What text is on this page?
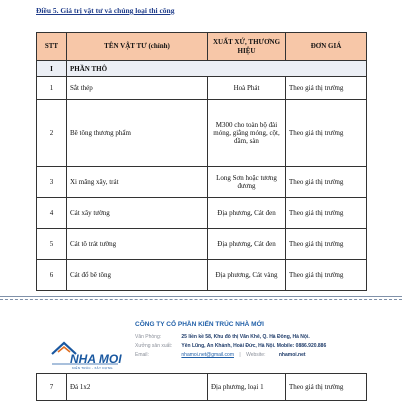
Điều 5. Giá trị vật tư và chủng loại thi công
STT	TÊN VẬT TƯ (chính)	XUẤT XỨ, THƯƠNG HIỆU	ĐƠN GIÁ
I	PHẦN THÔ		
1	Sắt thép	Hoà Phát	Theo giá thị trường
2	Bê tông thương phẩm	M300 cho toàn bộ đài móng, giằng móng, cột, dầm, sàn	Theo giá thị trường
3	Xi măng xây, trát	Long Sơn hoặc tương đương	Theo giá thị trường
4	Cát xây tường	Địa phương, Cát đen	Theo giá thị trường
5	Cát tô trát tường	Địa phương, Cát đen	Theo giá thị trường
6	Cát đổ bê tông	Địa phương, Cát vàng	Theo giá thị trường
NHA MOI
KIẾN TRÚC - XÂY DỰNG
CÔNG TY CỔ PHẦN KIẾN TRÚC NHÀ MỚI
Văn Phòng:	25 liền kề 58, Khu đô thị Văn Khê, Q. Hà Đông, Hà Nội.
Xưởng sản xuất: Yên Lũng, An Khánh, Hoài Đức, Hà Nội. Mobile: 0886.920.886
Email:	nhamoi.net@gmail.com | Website:	nhamoi.net
7	Đá 1x2	Địa phương, loại 1	Theo giá thị trường
